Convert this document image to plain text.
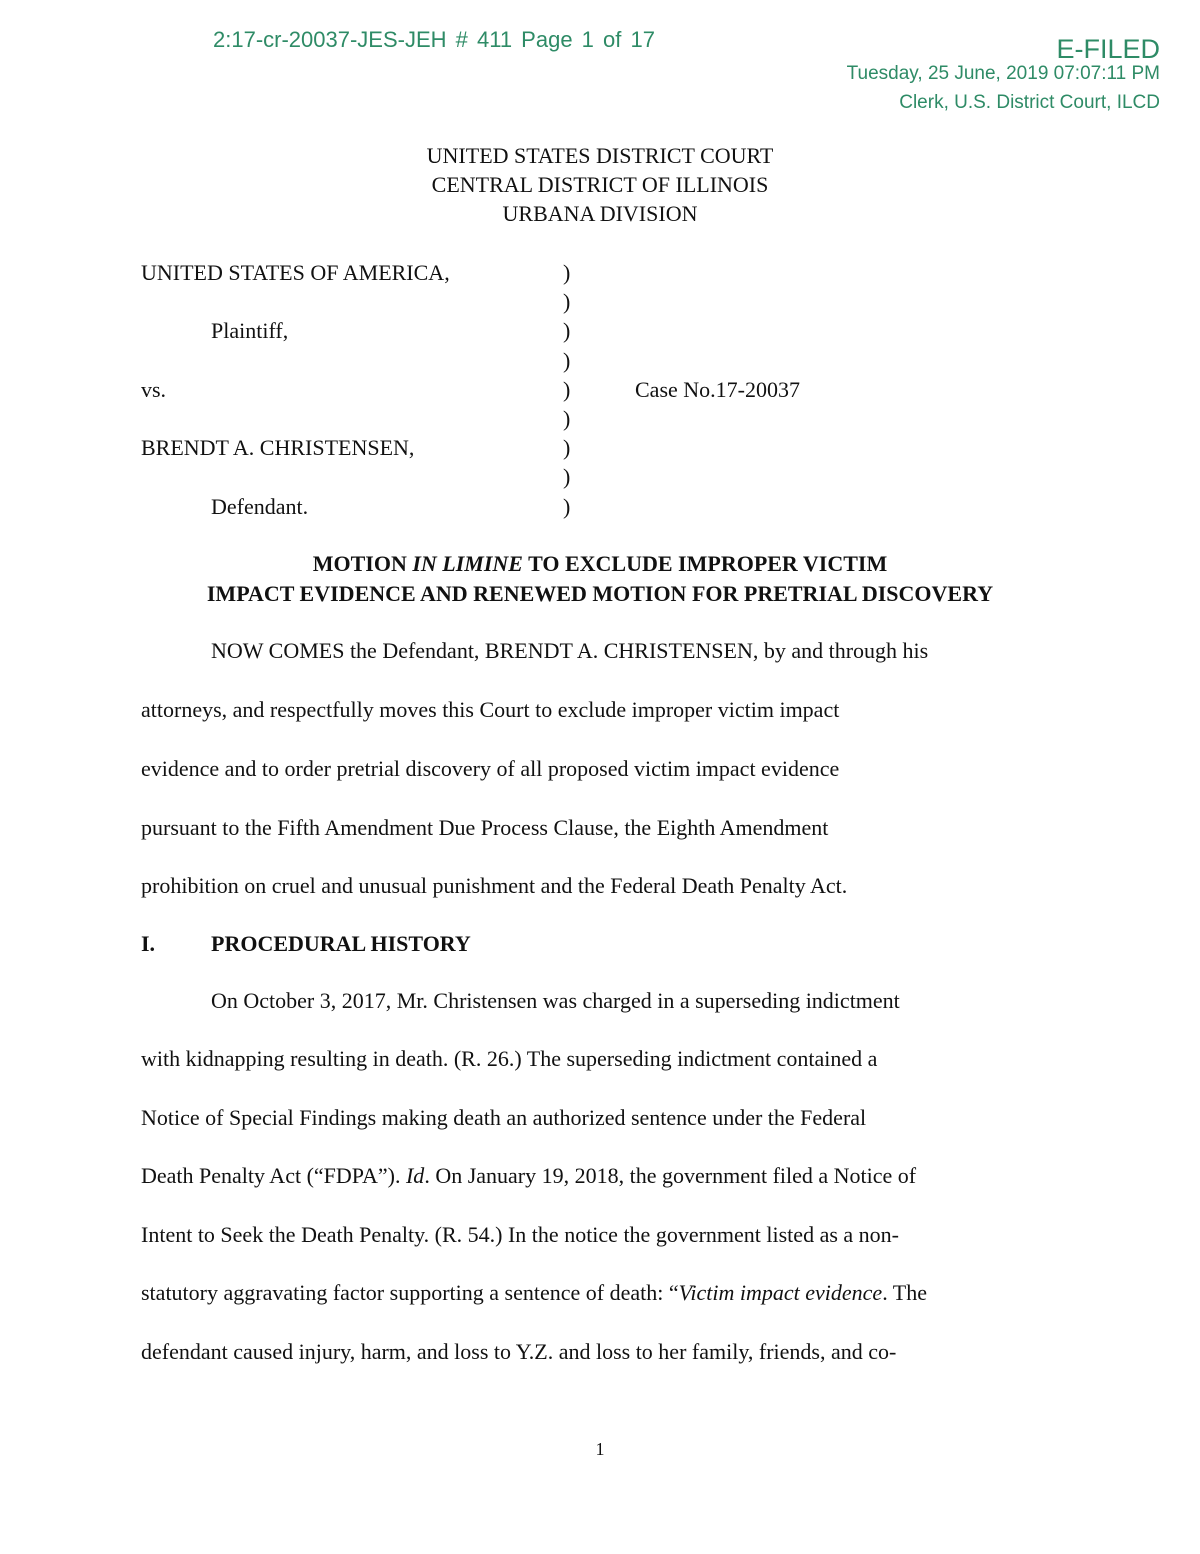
2:17-cr-20037-JES-JEH # 411 Page 1 of 17	E-FILED
Tuesday, 25 June, 2019 07:07:11 PM
Clerk, U.S. District Court, ILCD
UNITED STATES DISTRICT COURT
CENTRAL DISTRICT OF ILLINOIS
URBANA DIVISION
UNITED STATES OF AMERICA,
Plaintiff,
vs.
BRENDT A. CHRISTENSEN,
Defendant.
Case No.17-20037
)
)
)
)
)
)
)
)
)
MOTION IN LIMINE TO EXCLUDE IMPROPER VICTIM
IMPACT EVIDENCE AND RENEWED MOTION FOR PRETRIAL DISCOVERY
NOW COMES the Defendant, BRENDT A. CHRISTENSEN, by and through his
attorneys, and respectfully moves this Court to exclude improper victim impact
evidence and to order pretrial discovery of all proposed victim impact evidence
pursuant to the Fifth Amendment Due Process Clause, the Eighth Amendment
prohibition on cruel and unusual punishment and the Federal Death Penalty Act.
I.	PROCEDURAL HISTORY
On October 3, 2017, Mr. Christensen was charged in a superseding indictment
with kidnapping resulting in death. (R. 26.) The superseding indictment contained a
Notice of Special Findings making death an authorized sentence under the Federal
Death Penalty Act (“FDPA”). Id. On January 19, 2018, the government filed a Notice of
Intent to Seek the Death Penalty. (R. 54.) In the notice the government listed as a non-
statutory aggravating factor supporting a sentence of death: “Victim impact evidence. The
defendant caused injury, harm, and loss to Y.Z. and loss to her family, friends, and co-
1
